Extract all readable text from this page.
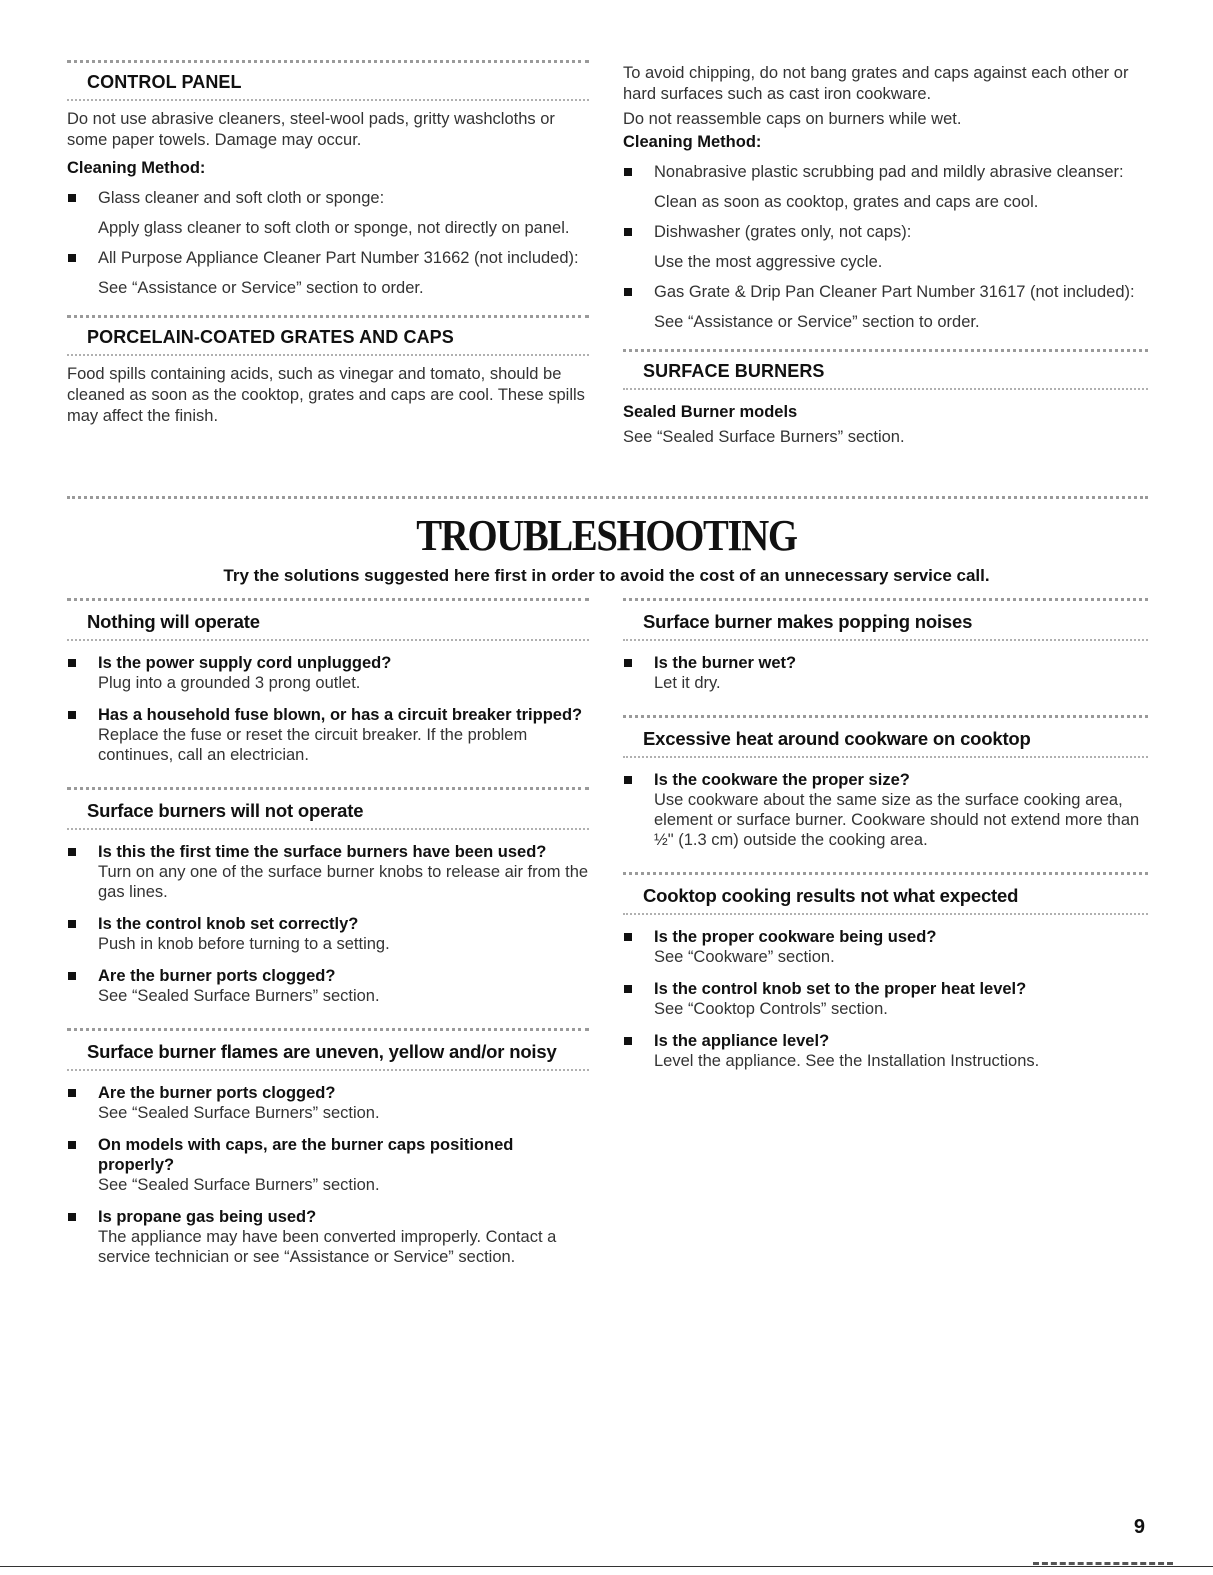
CONTROL PANEL
Do not use abrasive cleaners, steel-wool pads, gritty washcloths or some paper towels. Damage may occur.
Cleaning Method:
Glass cleaner and soft cloth or sponge:
Apply glass cleaner to soft cloth or sponge, not directly on panel.
All Purpose Appliance Cleaner Part Number 31662 (not included):
See “Assistance or Service” section to order.
PORCELAIN-COATED GRATES AND CAPS
Food spills containing acids, such as vinegar and tomato, should be cleaned as soon as the cooktop, grates and caps are cool. These spills may affect the finish.
To avoid chipping, do not bang grates and caps against each other or hard surfaces such as cast iron cookware.
Do not reassemble caps on burners while wet.
Cleaning Method:
Nonabrasive plastic scrubbing pad and mildly abrasive cleanser:
Clean as soon as cooktop, grates and caps are cool.
Dishwasher (grates only, not caps):
Use the most aggressive cycle.
Gas Grate & Drip Pan Cleaner Part Number 31617 (not included):
See “Assistance or Service” section to order.
SURFACE BURNERS
Sealed Burner models
See “Sealed Surface Burners” section.
TROUBLESHOOTING
Try the solutions suggested here first in order to avoid the cost of an unnecessary service call.
Nothing will operate
Is the power supply cord unplugged?
Plug into a grounded 3 prong outlet.
Has a household fuse blown, or has a circuit breaker tripped?
Replace the fuse or reset the circuit breaker. If the problem continues, call an electrician.
Surface burners will not operate
Is this the first time the surface burners have been used?
Turn on any one of the surface burner knobs to release air from the gas lines.
Is the control knob set correctly?
Push in knob before turning to a setting.
Are the burner ports clogged?
See “Sealed Surface Burners” section.
Surface burner flames are uneven, yellow and/or noisy
Are the burner ports clogged?
See “Sealed Surface Burners” section.
On models with caps, are the burner caps positioned properly?
See “Sealed Surface Burners” section.
Is propane gas being used?
The appliance may have been converted improperly. Contact a service technician or see “Assistance or Service” section.
Surface burner makes popping noises
Is the burner wet?
Let it dry.
Excessive heat around cookware on cooktop
Is the cookware the proper size?
Use cookware about the same size as the surface cooking area, element or surface burner. Cookware should not extend more than ½" (1.3 cm) outside the cooking area.
Cooktop cooking results not what expected
Is the proper cookware being used?
See “Cookware” section.
Is the control knob set to the proper heat level?
See “Cooktop Controls” section.
Is the appliance level?
Level the appliance. See the Installation Instructions.
9
